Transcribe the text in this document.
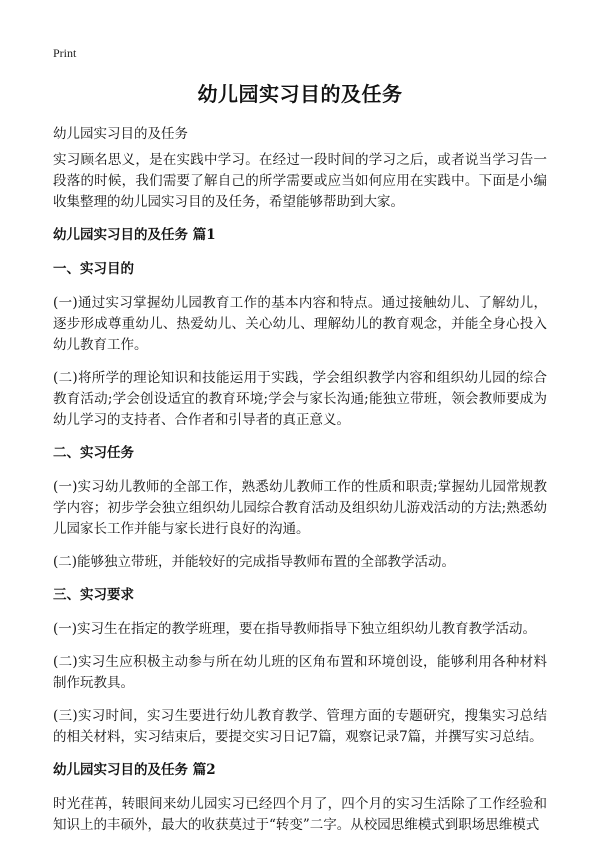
Print
幼儿园实习目的及任务
幼儿园实习目的及任务

实习顾名思义，是在实践中学习。在经过一段时间的学习之后，或者说当学习告一段落的时候，我们需要了解自己的所学需要或应当如何应用在实践中。下面是小编收集整理的幼儿园实习目的及任务，希望能够帮助到大家。

幼儿园实习目的及任务 篇1
一、实习目的

(一)通过实习掌握幼儿园教育工作的基本内容和特点。通过接触幼儿、了解幼儿，逐步形成尊重幼儿、热爱幼儿、关心幼儿、理解幼儿的教育观念，并能全身心投入幼儿教育工作。

(二)将所学的理论知识和技能运用于实践，学会组织教学内容和组织幼儿园的综合教育活动;学会创设适宜的教育环境;学会与家长沟通;能独立带班，领会教师要成为幼儿学习的支持者、合作者和引导者的真正意义。

二、实习任务

(一)实习幼儿教师的全部工作，熟悉幼儿教师工作的性质和职责;掌握幼儿园常规教学内容；初步学会独立组织幼儿园综合教育活动及组织幼儿游戏活动的方法;熟悉幼儿园家长工作并能与家长进行良好的沟通。

(二)能够独立带班，并能较好的完成指导教师布置的全部教学活动。

三、实习要求

(一)实习生在指定的教学班理，要在指导教师指导下独立组织幼儿教育教学活动。

(二)实习生应积极主动参与所在幼儿班的区角布置和环境创设，能够利用各种材料制作玩教具。

(三)实习时间，实习生要进行幼儿教育教学、管理方面的专题研究，搜集实习总结的相关材料，实习结束后，要提交实习日记7篇，观察记录7篇，并撰写实习总结。

幼儿园实习目的及任务 篇2

时光荏苒，转眼间来幼儿园实习已经四个月了，四个月的实习生活除了工作经验和知识上的丰硕外，最大的收获莫过于“转变”二字。从校园思维模式到职场思维模式
